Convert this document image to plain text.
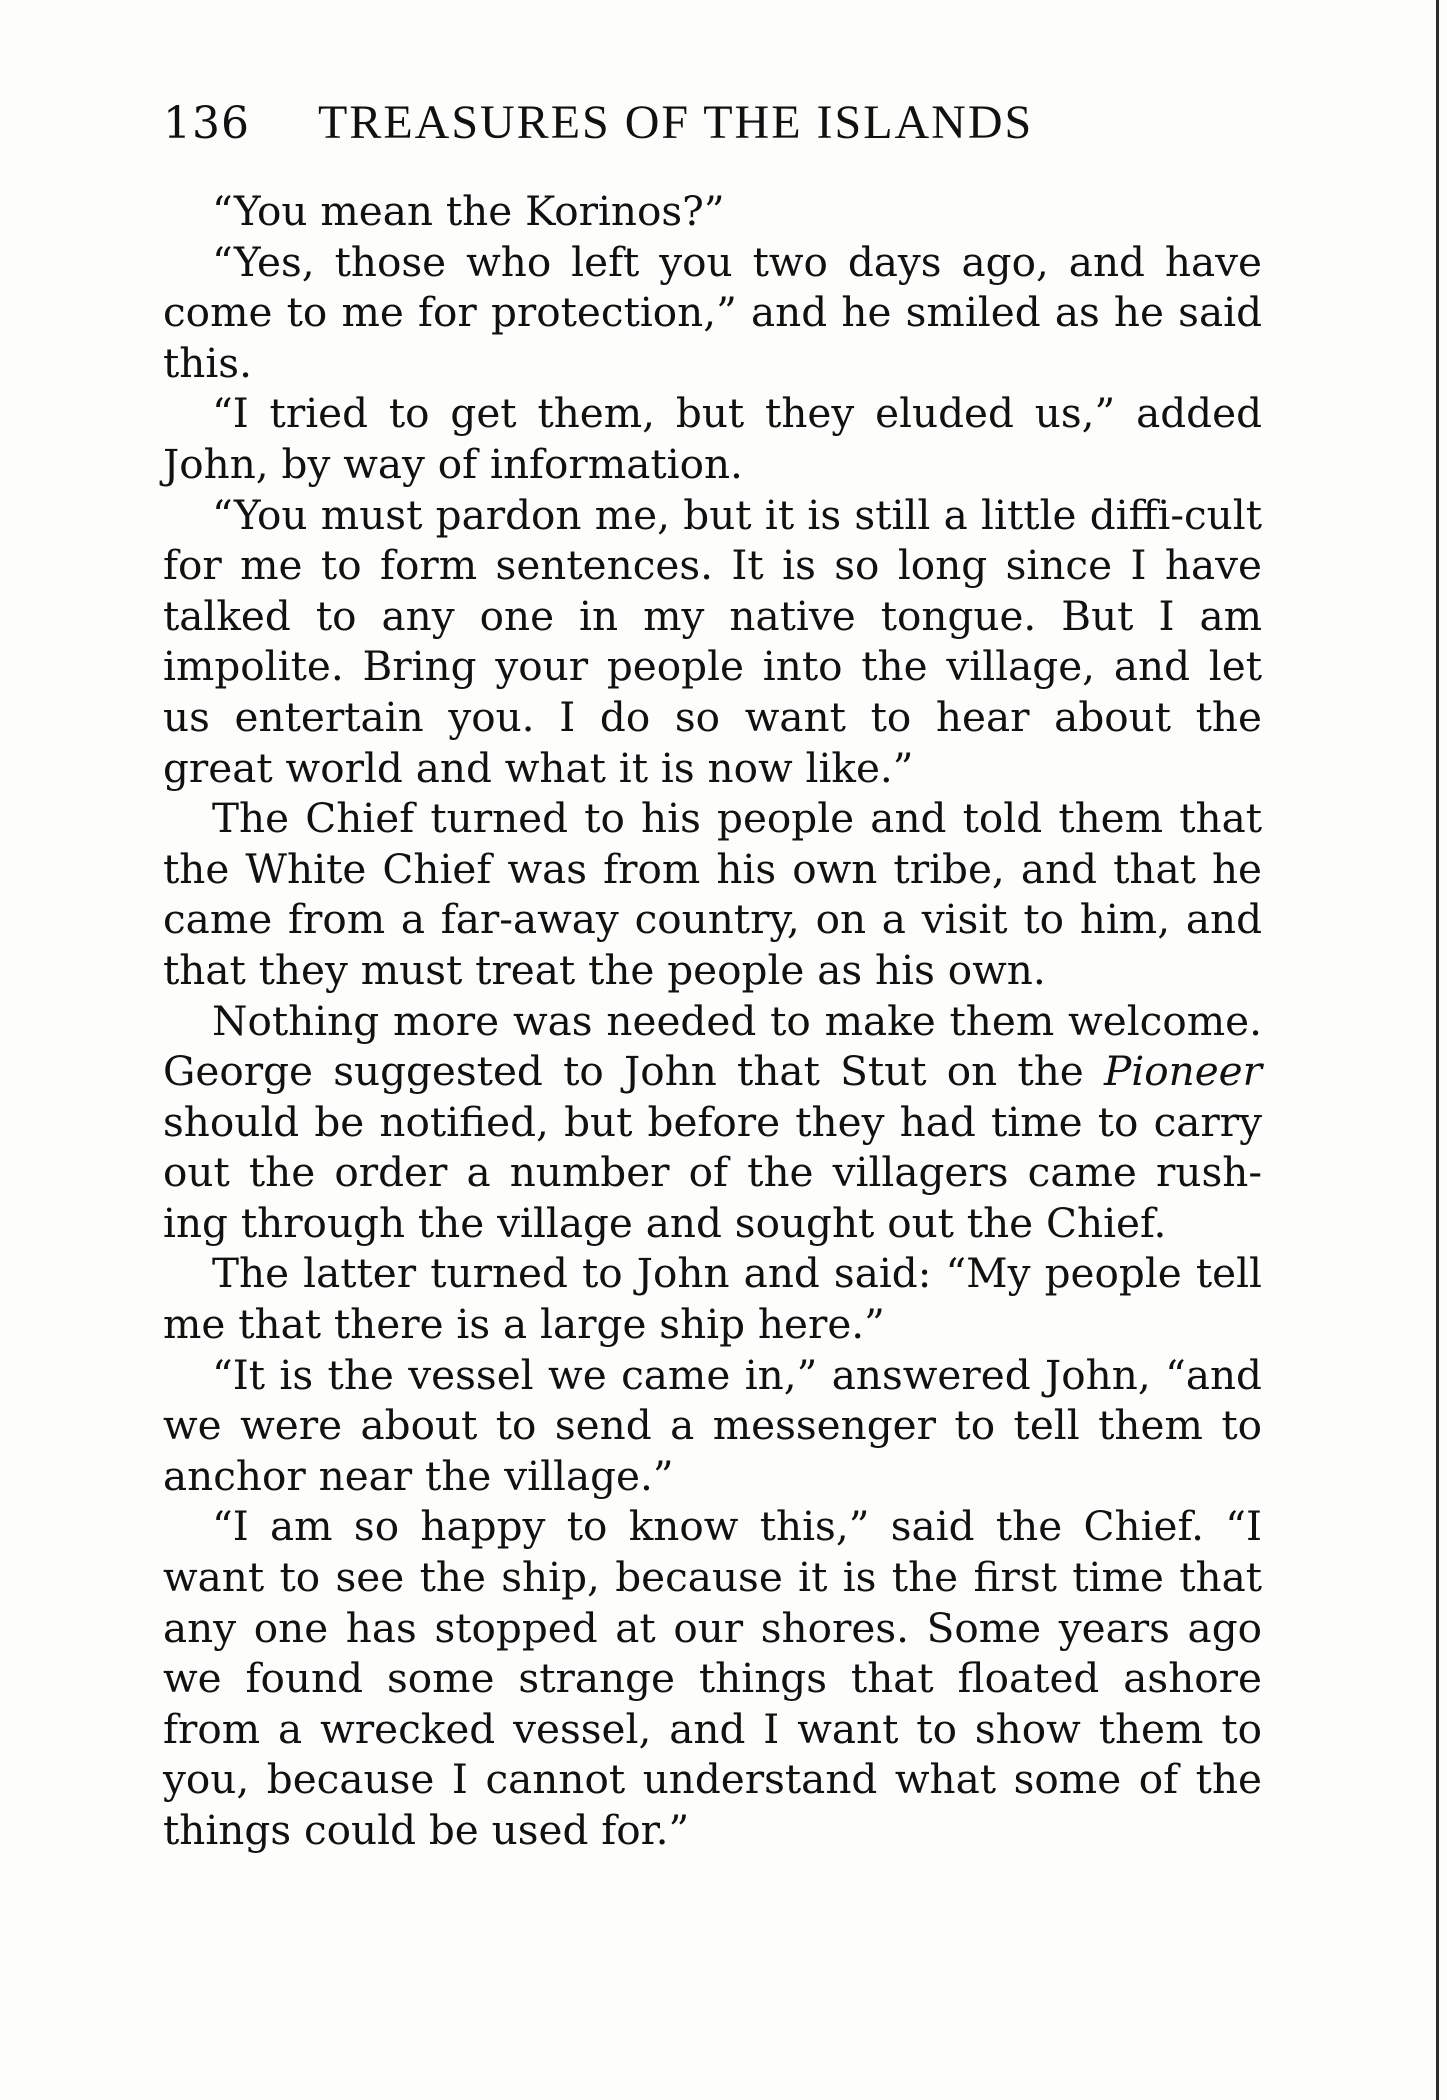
136 TREASURES OF THE ISLANDS

“You mean the Korinos?”

“Yes, those who left you two days ago, and have come to me for protection,” and he smiled as he said this.

“I tried to get them, but they eluded us,” added John, by way of information.

“You must pardon me, but it is still a little diffi-cult for me to form sentences. It is so long since I have talked to any one in my native tongue. But I am impolite. Bring your people into the village, and let us entertain you. I do so want to hear about the great world and what it is now like.”

The Chief turned to his people and told them that the White Chief was from his own tribe, and that he came from a far-away country, on a visit to him, and that they must treat the people as his own.

Nothing more was needed to make them welcome. George suggested to John that Stut on the Pioneer should be notified, but before they had time to carry out the order a number of the villagers came rush-ing through the village and sought out the Chief.

The latter turned to John and said: “My people tell me that there is a large ship here.”

“It is the vessel we came in,” answered John, “and we were about to send a messenger to tell them to anchor near the village.”

“I am so happy to know this,” said the Chief. “I want to see the ship, because it is the first time that any one has stopped at our shores. Some years ago we found some strange things that floated ashore from a wrecked vessel, and I want to show them to you, because I cannot understand what some of the things could be used for.”
